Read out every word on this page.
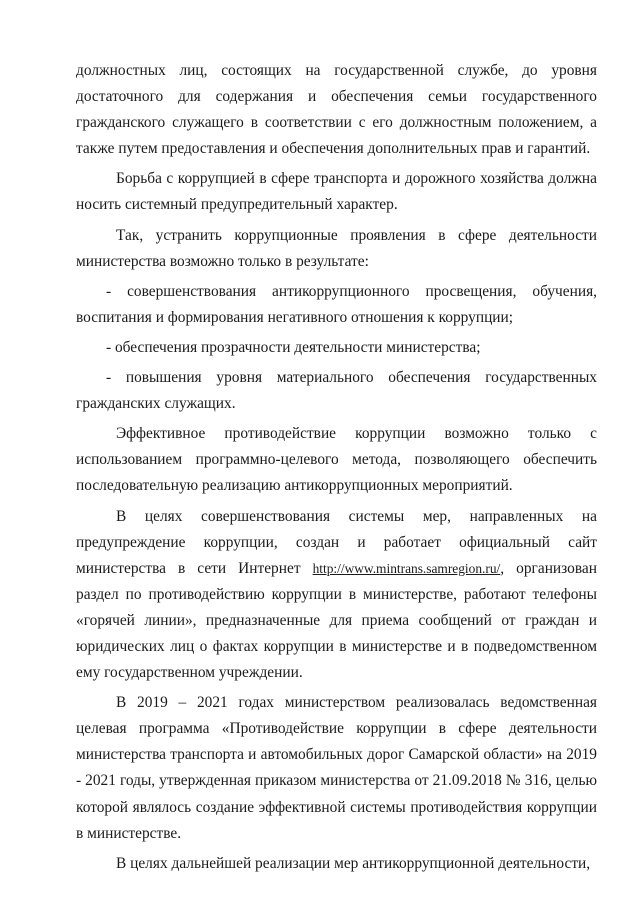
должностных лиц, состоящих на государственной службе, до уровня достаточного для содержания и обеспечения семьи государственного гражданского служащего в соответствии с его должностным положением, а также путем предоставления и обеспечения дополнительных прав и гарантий.

Борьба с коррупцией в сфере транспорта и дорожного хозяйства должна носить системный предупредительный характер.

Так, устранить коррупционные проявления в сфере деятельности министерства возможно только в результате:

- совершенствования антикоррупционного просвещения, обучения, воспитания и формирования негативного отношения к коррупции;

- обеспечения прозрачности деятельности министерства;

- повышения уровня материального обеспечения государственных гражданских служащих.

Эффективное противодействие коррупции возможно только с использованием программно-целевого метода, позволяющего обеспечить последовательную реализацию антикоррупционных мероприятий.

В целях совершенствования системы мер, направленных на предупреждение коррупции, создан и работает официальный сайт министерства в сети Интернет http://www.mintrans.samregion.ru/, организован раздел по противодействию коррупции в министерстве, работают телефоны «горячей линии», предназначенные для приема сообщений от граждан и юридических лиц о фактах коррупции в министерстве и в подведомственном ему государственном учреждении.

В 2019 – 2021 годах министерством реализовалась ведомственная целевая программа «Противодействие коррупции в сфере деятельности министерства транспорта и автомобильных дорог Самарской области» на 2019 - 2021 годы, утвержденная приказом министерства от 21.09.2018 № 316, целью которой являлось создание эффективной системы противодействия коррупции в министерстве.

В целях дальнейшей реализации мер антикоррупционной деятельности,
